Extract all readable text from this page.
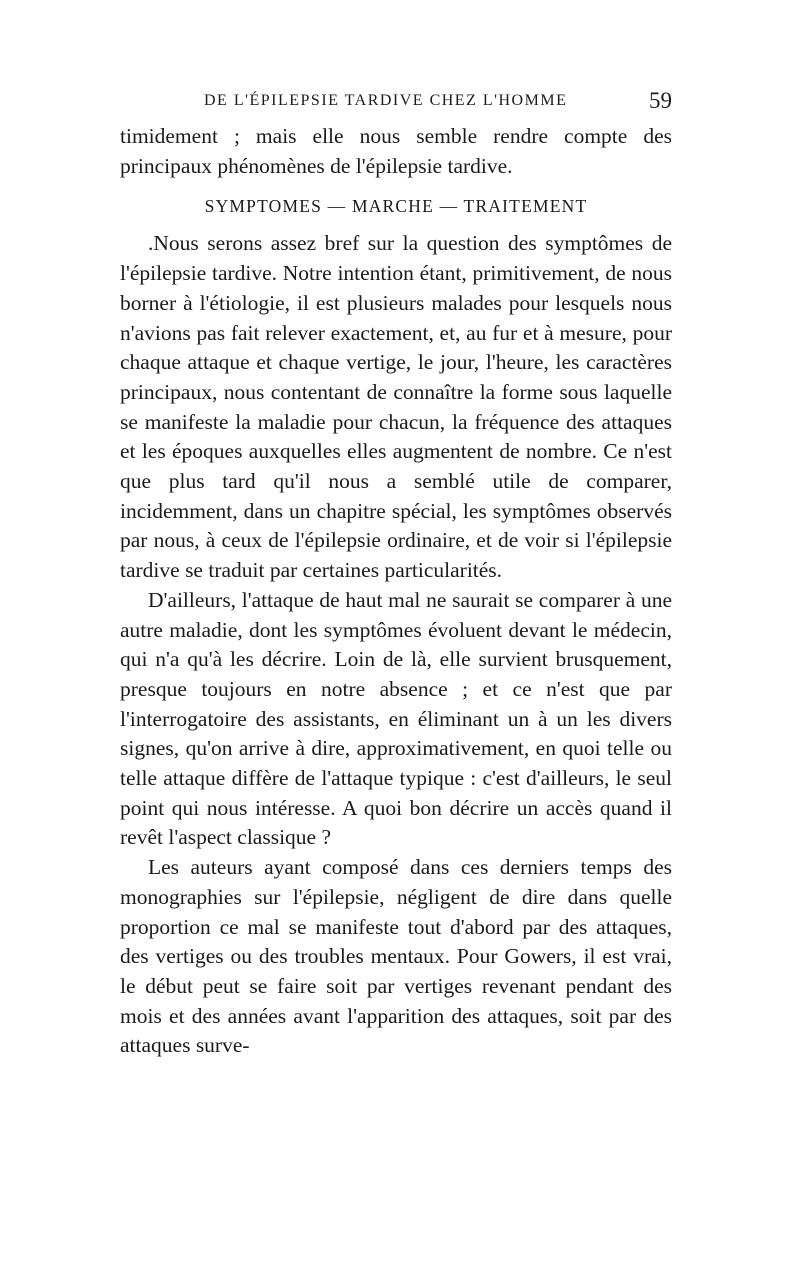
DE L'ÉPILEPSIE TARDIVE CHEZ L'HOMME	59

timidement ; mais elle nous semble rendre compte des principaux phénomènes de l'épilepsie tardive.

SYMPTOMES — MARCHE — TRAITEMENT

.Nous serons assez bref sur la question des symptômes de l'épilepsie tardive. Notre intention étant, primitivement, de nous borner à l'étiologie, il est plusieurs malades pour lesquels nous n'avions pas fait relever exactement, et, au fur et à mesure, pour chaque attaque et chaque vertige, le jour, l'heure, les caractères principaux, nous contentant de connaître la forme sous laquelle se manifeste la maladie pour chacun, la fréquence des attaques et les époques auxquelles elles augmentent de nombre. Ce n'est que plus tard qu'il nous a semblé utile de comparer, incidemment, dans un chapitre spécial, les symptômes observés par nous, à ceux de l'épilepsie ordinaire, et de voir si l'épilepsie tardive se traduit par certaines particularités.

D'ailleurs, l'attaque de haut mal ne saurait se comparer à une autre maladie, dont les symptômes évoluent devant le médecin, qui n'a qu'à les décrire. Loin de là, elle survient brusquement, presque toujours en notre absence ; et ce n'est que par l'interrogatoire des assistants, en éliminant un à un les divers signes, qu'on arrive à dire, approximativement, en quoi telle ou telle attaque diffère de l'attaque typique : c'est d'ailleurs, le seul point qui nous intéresse. A quoi bon décrire un accès quand il revêt l'aspect classique ?

Les auteurs ayant composé dans ces derniers temps des monographies sur l'épilepsie, négligent de dire dans quelle proportion ce mal se manifeste tout d'abord par des attaques, des vertiges ou des troubles mentaux. Pour Gowers, il est vrai, le début peut se faire soit par vertiges revenant pendant des mois et des années avant l'apparition des attaques, soit par des attaques surve-
